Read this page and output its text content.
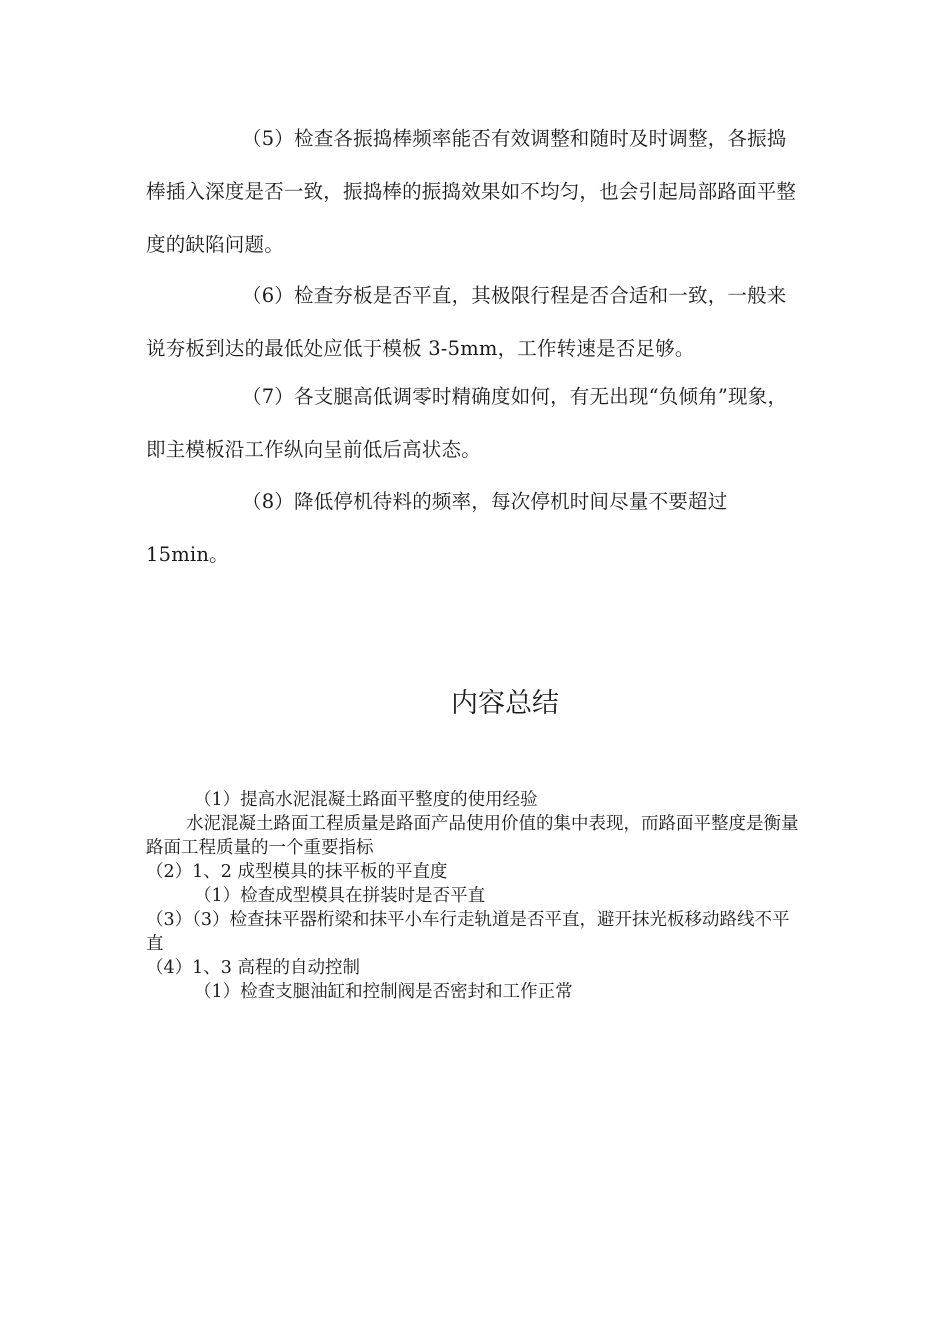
（5）检查各振捣棒频率能否有效调整和随时及时调整，各振捣棒插入深度是否一致，振捣棒的振捣效果如不均匀，也会引起局部路面平整度的缺陷问题。

（6）检查夯板是否平直，其极限行程是否合适和一致，一般来说夯板到达的最低处应低于模板 3-5mm，工作转速是否足够。

（7）各支腿高低调零时精确度如何，有无出现“负倾角”现象，即主模板沿工作纵向呈前低后高状态。

（8）降低停机待料的频率，每次停机时间尽量不要超过15min。

内容总结

（1）提高水泥混凝土路面平整度的使用经验

水泥混凝土路面工程质量是路面产品使用价值的集中表现，而路面平整度是衡量路面工程质量的一个重要指标

（2）1、2 成型模具的抹平板的平直度

（1）检查成型模具在拼装时是否平直

（3）（3）检查抹平器桁梁和抹平小车行走轨道是否平直，避开抹光板移动路线不平直

（4）1、3 高程的自动控制

（1）检查支腿油缸和控制阀是否密封和工作正常
